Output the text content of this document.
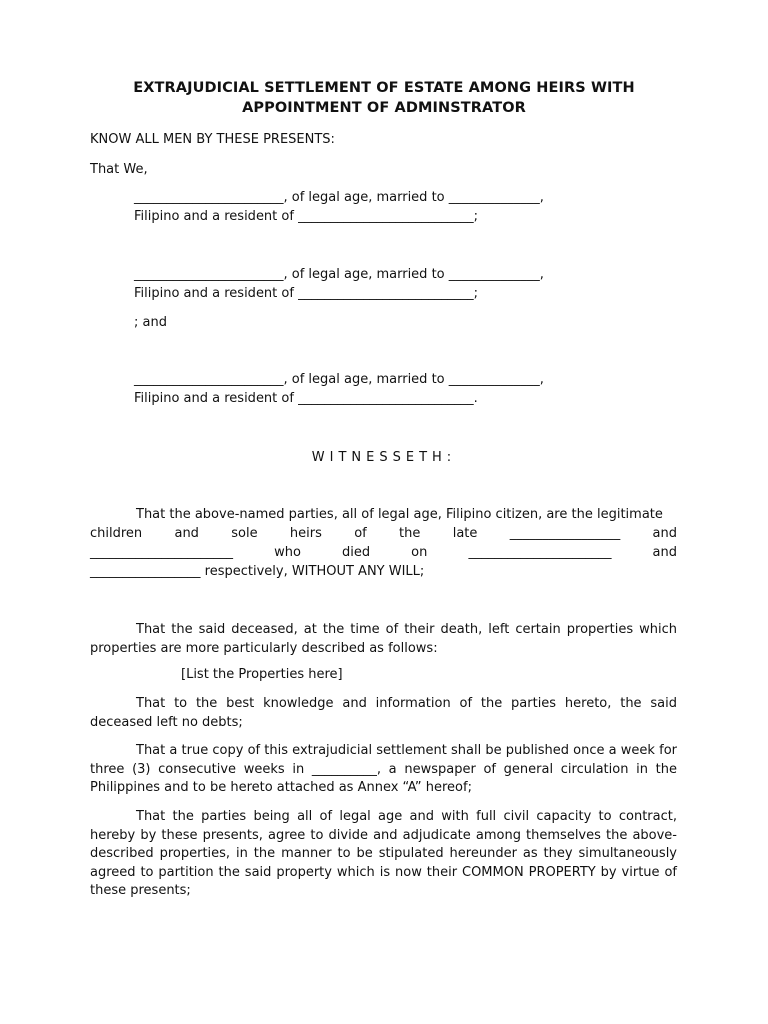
EXTRAJUDICIAL SETTLEMENT OF ESTATE AMONG HEIRS WITH
APPOINTMENT OF ADMINSTRATOR
KNOW ALL MEN BY THESE PRESENTS:
That We,
_______________________, of legal age, married to ______________,
Filipino and a resident of ___________________________;
_______________________, of legal age, married to ______________,
Filipino and a resident of ___________________________;
; and
_______________________, of legal age, married to ______________,
Filipino and a resident of ___________________________.
WITNESSETH:
That the above-named parties, all of legal age, Filipino citizen, are the legitimate
children and sole heirs of the late _________________ and
______________________ who died on ______________________ and
_________________ respectively, WITHOUT ANY WILL;
That the said deceased, at the time of their death, left certain properties which properties are more particularly described as follows:
[List the Properties here]
That to the best knowledge and information of the parties hereto, the said deceased left no debts;
That a true copy of this extrajudicial settlement shall be published once a week for three (3) consecutive weeks in __________, a newspaper of general circulation in the Philippines and to be hereto attached as Annex “A” hereof;
That the parties being all of legal age and with full civil capacity to contract, hereby by these presents, agree to divide and adjudicate among themselves the above-described properties, in the manner to be stipulated hereunder as they simultaneously agreed to partition the said property which is now their COMMON PROPERTY by virtue of these presents;
